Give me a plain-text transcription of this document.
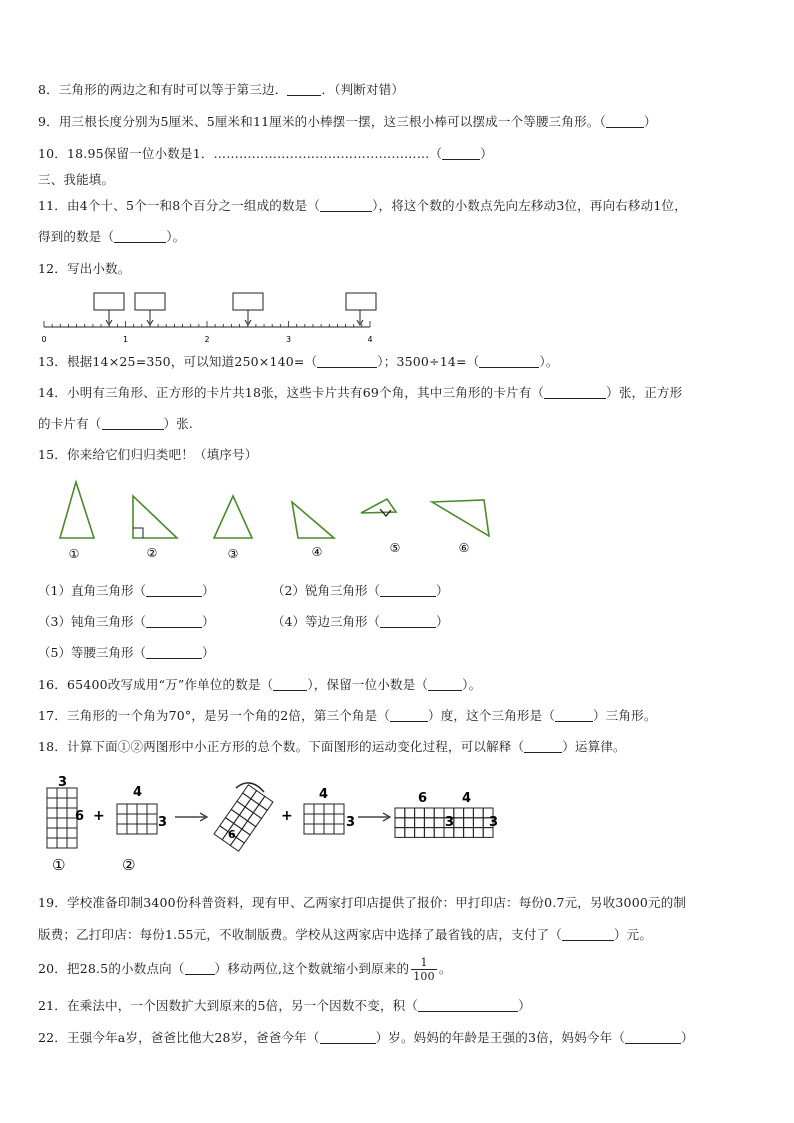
8．三角形的两边之和有时可以等于第三边．	．（判断对错）
9．用三根长度分别为5厘米、5厘米和11厘米的小棒摆一摆，这三根小棒可以摆成一个等腰三角形。（	）
10．18.95保留一位小数是1．……………………………………………（	）
三、我能填。
11．由4个十、5个一和8个百分之一组成的数是（	），将这个数的小数点先向左移动3位，再向右移动1位，
得到的数是（	）。
12．写出小数。
0	1	2	3	4
13．根据14×25=350，可以知道250×140=（	）；3500÷14=（	）。
14．小明有三角形、正方形的卡片共18张，这些卡片共有69个角，其中三角形的卡片有（	）张，正方形
的卡片有（	）张.
15．你来给它们归归类吧！（填序号）
①	②	③	④	⑤	⑥
（1）直角三角形（	）	（2）锐角三角形（	）
（3）钝角三角形（	）	（4）等边三角形（	）
（5）等腰三角形（	）
16．65400改写成用“万”作单位的数是（	），保留一位小数是（	）。
17．三角形的一个角为70°，是另一个角的2倍，第三个角是（	）度，这个三角形是（	）三角形。
18．计算下面①②两图形中小正方形的总个数。下面图形的运动变化过程，可以解释（	）运算律。
3
6
4
3
+
6
+
4
3
6	4
3	3
①	②
19．学校准备印制3400份科普资料，现有甲、乙两家打印店提供了报价：甲打印店：每份0.7元，另收3000元的制
版费；乙打印店：每份1.55元，不收制版费。学校从这两家店中选择了最省钱的店，支付了（	）元。
20．把28.5的小数点向（ ）移动两位,这个数就缩小到原来的 $\frac{1}{100}$ 。
21．在乘法中，一个因数扩大到原来的5倍，另一个因数不变，积（	）
22．王强今年a岁，爸爸比他大28岁，爸爸今年（	）岁。妈妈的年龄是王强的3倍，妈妈今年（	）
